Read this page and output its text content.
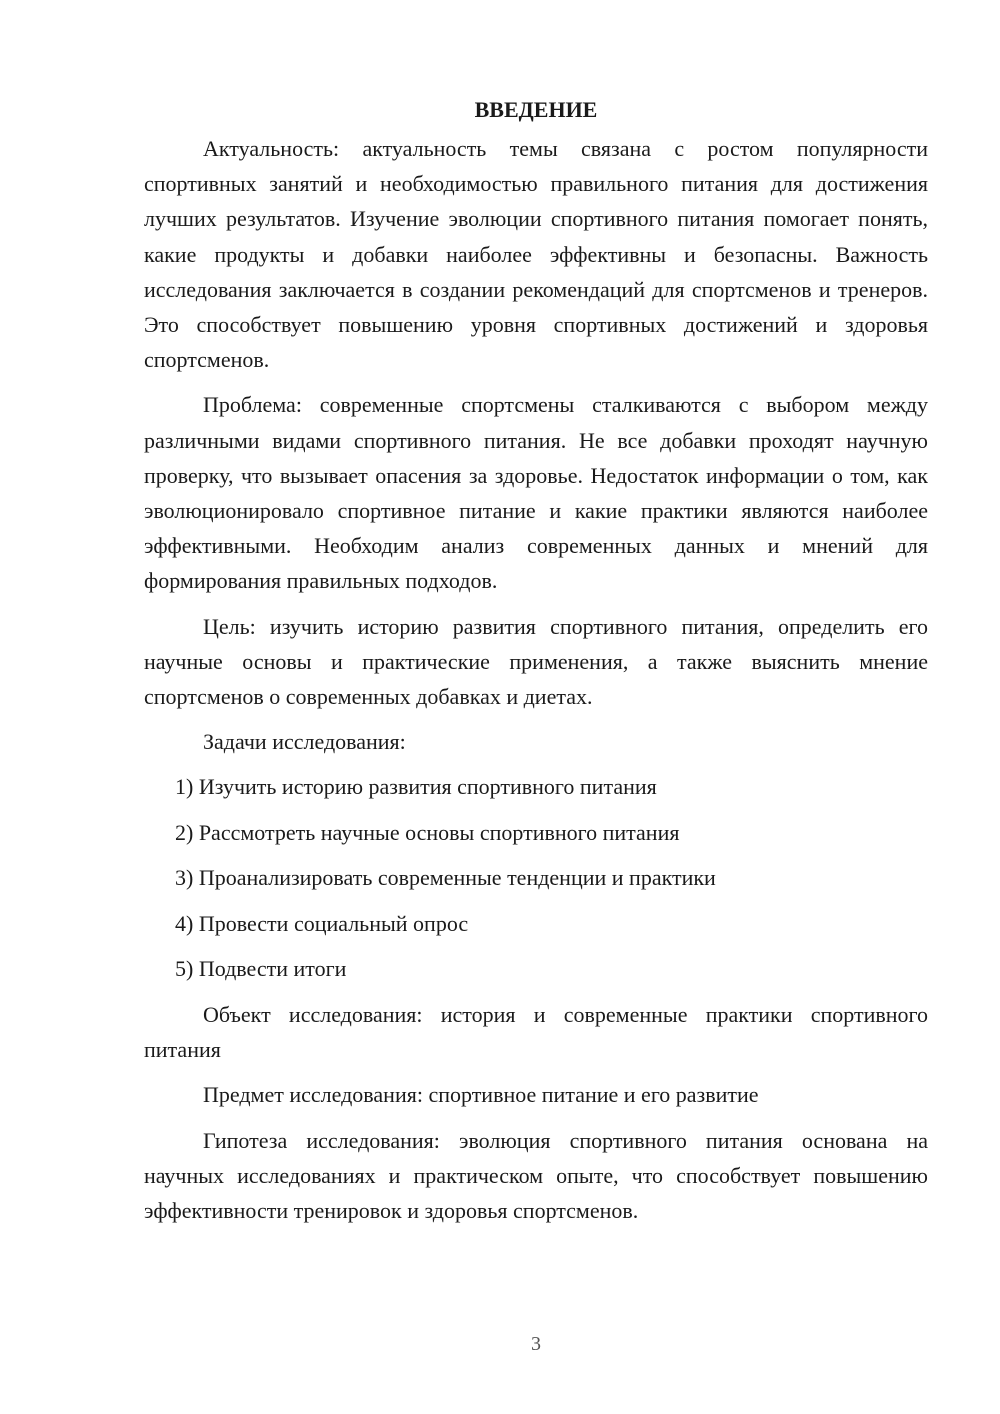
ВВЕДЕНИЕ

Актуальность: актуальность темы связана с ростом популярности спортивных занятий и необходимостью правильного питания для достижения лучших результатов. Изучение эволюции спортивного питания помогает понять, какие продукты и добавки наиболее эффективны и безопасны. Важность исследования заключается в создании рекомендаций для спортсменов и тренеров. Это способствует повышению уровня спортивных достижений и здоровья спортсменов.

Проблема: современные спортсмены сталкиваются с выбором между различными видами спортивного питания. Не все добавки проходят научную проверку, что вызывает опасения за здоровье. Недостаток информации о том, как эволюционировало спортивное питание и какие практики являются наиболее эффективными. Необходим анализ современных данных и мнений для формирования правильных подходов.

Цель: изучить историю развития спортивного питания, определить его научные основы и практические применения, а также выяснить мнение спортсменов о современных добавках и диетах.

Задачи исследования:

1) Изучить историю развития спортивного питания
2) Рассмотреть научные основы спортивного питания
3) Проанализировать современные тенденции и практики
4) Провести социальный опрос
5) Подвести итоги

Объект исследования: история и современные практики спортивного питания

Предмет исследования: спортивное питание и его развитие

Гипотеза исследования: эволюция спортивного питания основана на научных исследованиях и практическом опыте, что способствует повышению эффективности тренировок и здоровья спортсменов.

3
